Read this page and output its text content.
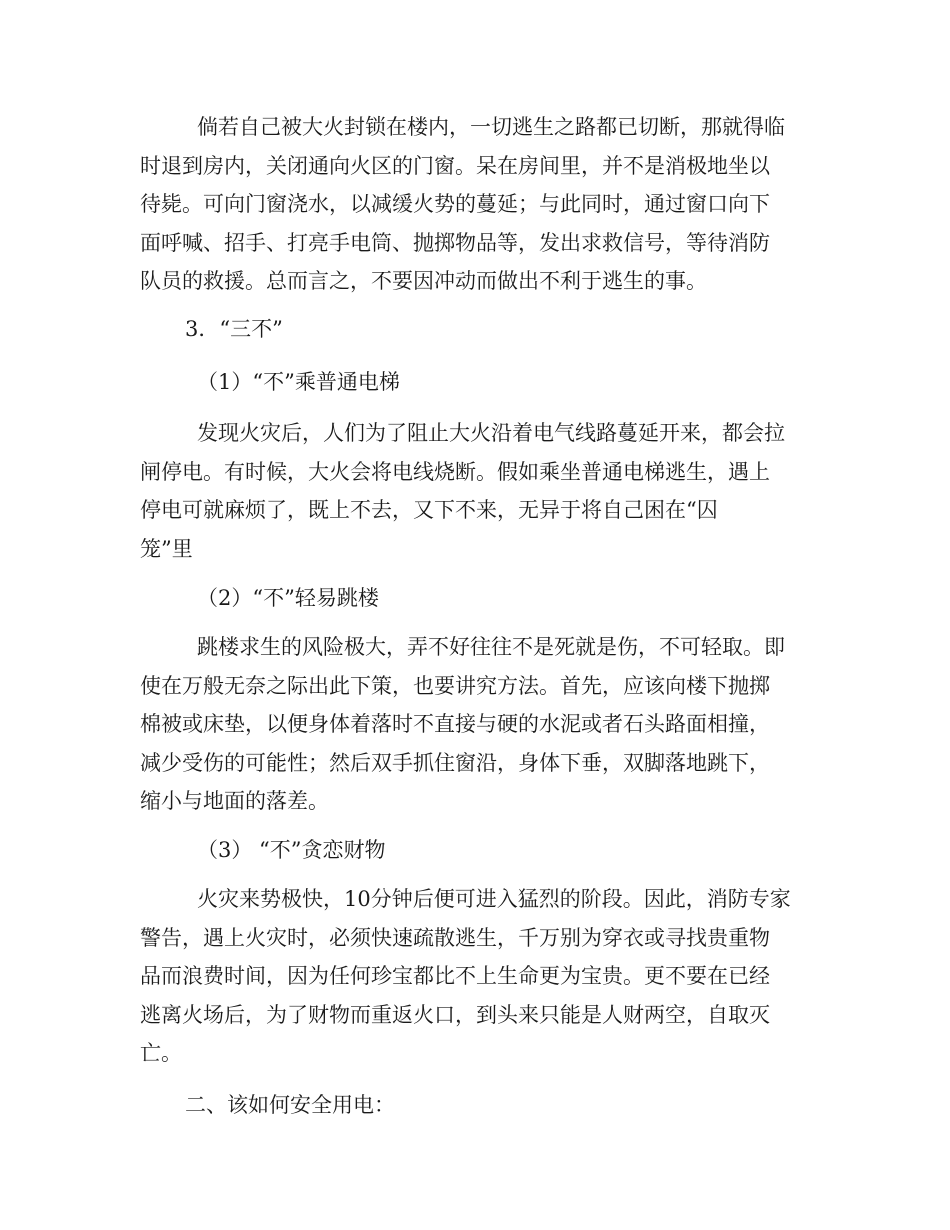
倘若自己被大火封锁在楼内，一切逃生之路都已切断，那就得临
时退到房内，关闭通向火区的门窗。呆在房间里，并不是消极地坐以
待毙。可向门窗浇水，以减缓火势的蔓延；与此同时，通过窗口向下
面呼喊、招手、打亮手电筒、抛掷物品等，发出求救信号，等待消防
队员的救援。总而言之，不要因冲动而做出不利于逃生的事。
3．“三不”
（1）“不”乘普通电梯
发现火灾后，人们为了阻止大火沿着电气线路蔓延开来，都会拉
闸停电。有时候，大火会将电线烧断。假如乘坐普通电梯逃生，遇上
停电可就麻烦了，既上不去，又下不来，无异于将自己困在“囚
笼”里
（2）“不”轻易跳楼
跳楼求生的风险极大，弄不好往往不是死就是伤，不可轻取。即
使在万般无奈之际出此下策，也要讲究方法。首先，应该向楼下抛掷
棉被或床垫，以便身体着落时不直接与硬的水泥或者石头路面相撞，
减少受伤的可能性；然后双手抓住窗沿，身体下垂，双脚落地跳下，
缩小与地面的落差。
（3） “不”贪恋财物
火灾来势极快，10分钟后便可进入猛烈的阶段。因此，消防专家
警告，遇上火灾时，必须快速疏散逃生，千万别为穿衣或寻找贵重物
品而浪费时间，因为任何珍宝都比不上生命更为宝贵。更不要在已经
逃离火场后，为了财物而重返火口，到头来只能是人财两空，自取灭
亡。
二、该如何安全用电：
